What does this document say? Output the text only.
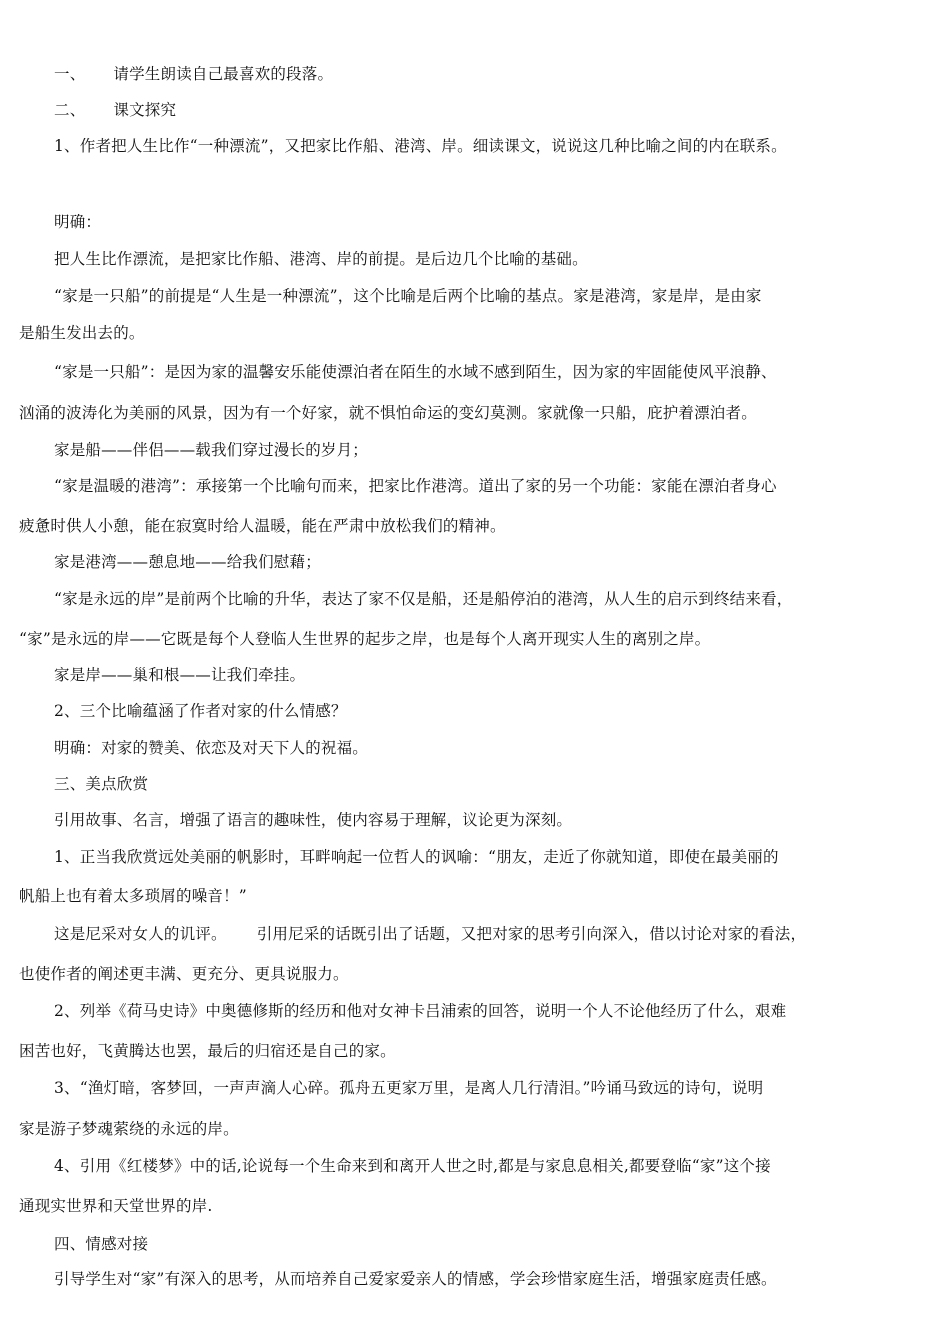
一、 请学生朗读自己最喜欢的段落。
二、 课文探究
1、作者把人生比作“一种漂流”，又把家比作船、港湾、岸。细读课文，说说这几种比喻之间的内在联系。
明确：
把人生比作漂流，是把家比作船、港湾、岸的前提。是后边几个比喻的基础。
“家是一只船”的前提是“人生是一种漂流”，这个比喻是后两个比喻的基点。家是港湾，家是岸，是由家
是船生发出去的。
“家是一只船”：是因为家的温馨安乐能使漂泊者在陌生的水域不感到陌生，因为家的牢固能使风平浪静、
汹涌的波涛化为美丽的风景，因为有一个好家，就不惧怕命运的变幻莫测。家就像一只船，庇护着漂泊者。
家是船——伴侣——载我们穿过漫长的岁月；
“家是温暖的港湾”：承接第一个比喻句而来，把家比作港湾。道出了家的另一个功能：家能在漂泊者身心
疲惫时供人小憩，能在寂寞时给人温暖，能在严肃中放松我们的精神。
家是港湾——憩息地——给我们慰藉；
“家是永远的岸”是前两个比喻的升华，表达了家不仅是船，还是船停泊的港湾，从人生的启示到终结来看，
“家”是永远的岸——它既是每个人登临人生世界的起步之岸，也是每个人离开现实人生的离别之岸。
家是岸——巢和根——让我们牵挂。
2、三个比喻蕴涵了作者对家的什么情感？
明确：对家的赞美、依恋及对天下人的祝福。
三、美点欣赏
引用故事、名言，增强了语言的趣味性，使内容易于理解，议论更为深刻。
1、正当我欣赏远处美丽的帆影时，耳畔响起一位哲人的讽喻：“朋友，走近了你就知道，即使在最美丽的
帆船上也有着太多琐屑的噪音！”
这是尼采对女人的讥评。 引用尼采的话既引出了话题，又把对家的思考引向深入，借以讨论对家的看法，
也使作者的阐述更丰满、更充分、更具说服力。
2、列举《荷马史诗》中奥德修斯的经历和他对女神卡吕浦索的回答，说明一个人不论他经历了什么，艰难
困苦也好，飞黄腾达也罢，最后的归宿还是自己的家。
3、“渔灯暗，客梦回，一声声滴人心碎。孤舟五更家万里，是离人几行清泪。”吟诵马致远的诗句，说明
家是游子梦魂萦绕的永远的岸。
4、引用《红楼梦》中的话,论说每一个生命来到和离开人世之时,都是与家息息相关,都要登临“家”这个接
通现实世界和天堂世界的岸.
四、情感对接
引导学生对“家”有深入的思考，从而培养自己爱家爱亲人的情感，学会珍惜家庭生活，增强家庭责任感。
